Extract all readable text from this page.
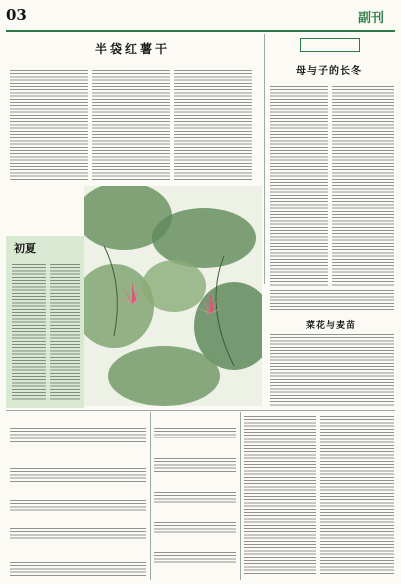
03	副刊
半袋红薯干
母与子的长冬
初夏
菜花与麦苗
